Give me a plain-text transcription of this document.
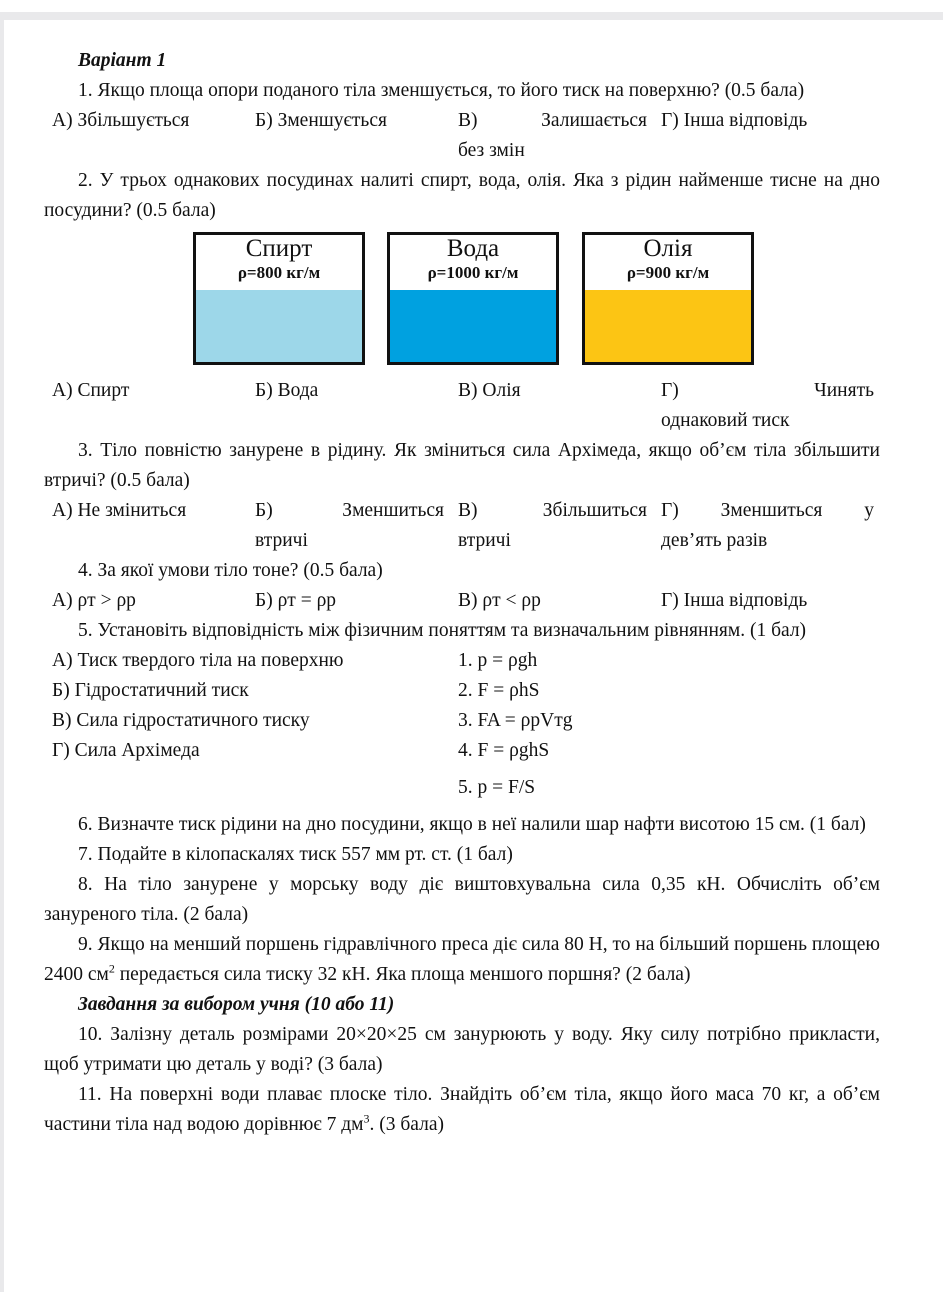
Варіант 1
1. Якщо площа опори поданого тіла зменшується, то його тиск на поверхню? (0.5 бала)
А) Збільшується	Б) Зменшується	В)	Залишається
без змін
Г) Інша відповідь
2. У трьох однакових посудинах налиті спирт, вода, олія. Яка з рідин найменше тисне на дно посудини? (0.5 бала)
Спирт
ρ=800 кг/м
Вода
ρ=1000 кг/м
Олія
ρ=900 кг/м
А) Спирт	Б) Вода	В) Олія	Г)	Чинять
однаковий тиск
3. Тіло повністю занурене в рідину. Як зміниться сила Архімеда, якщо об’єм тіла збільшити втричі? (0.5 бала)
А) Не зміниться	Б)	Зменшиться
втричі
В)	Збільшиться
втричі
Г) Зменшиться у
дев’ять разів
4. За якої умови тіло тоне? (0.5 бала)
А) ρт > ρр	Б) ρт = ρр	В) ρт < ρр	Г) Інша відповідь
5. Установіть відповідність між фізичним поняттям та визначальним рівнянням. (1 бал)
А) Тиск твердого тіла на поверхню	1. p = ρgh
Б) Гідростатичний тиск	2. F = ρhS
В) Сила гідростатичного тиску	3. FA = ρрVтg
Г) Сила Архімеда	4. F = ρghS
5. p = F/S
6. Визначте тиск рідини на дно посудини, якщо в неї налили шар нафти висотою 15 см. (1 бал)
7. Подайте в кілопаскалях тиск 557 мм рт. ст. (1 бал)
8. На тіло занурене у морську воду діє виштовхувальна сила 0,35 кН. Обчисліть об’єм зануреного тіла. (2 бала)
9. Якщо на менший поршень гідравлічного преса діє сила 80 Н, то на більший поршень площею 2400 $см^2$ передається сила тиску 32 кН. Яка площа меншого поршня? (2 бала)
Завдання за вибором учня (10 або 11)
10. Залізну деталь розмірами 20×20×25 см занурюють у воду. Яку силу потрібно прикласти, щоб утримати цю деталь у воді? (3 бала)
11. На поверхні води плаває плоске тіло. Знайдіть об’єм тіла, якщо його маса 70 кг, а об’єм частини тіла над водою дорівнює 7 $дм^3$. (3 бала)
